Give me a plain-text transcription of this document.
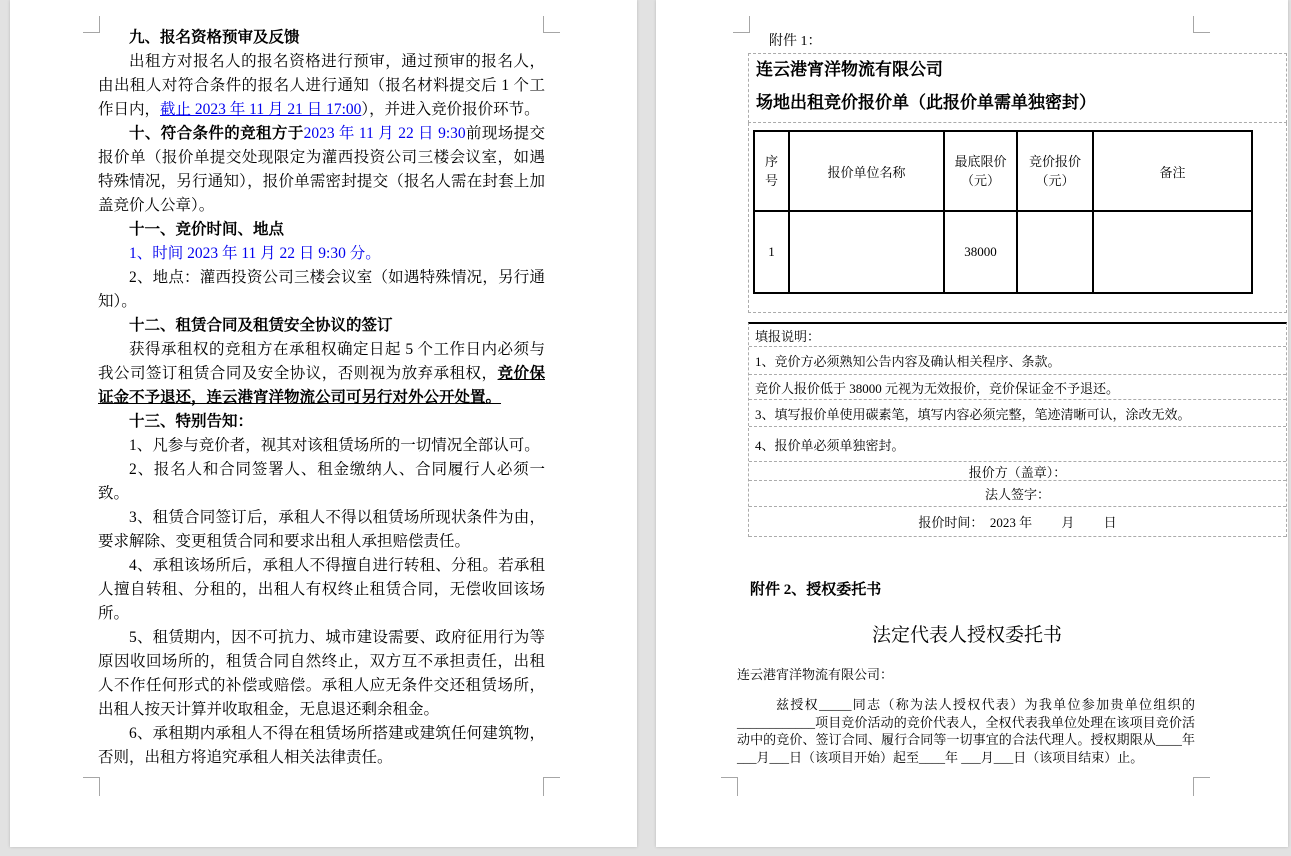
九、报名资格预审及反馈

出租方对报名人的报名资格进行预审，通过预审的报名人，由出租人对符合条件的报名人进行通知（报名材料提交后 1 个工作日内，截止 2023 年 11 月 21 日 17:00），并进入竞价报价环节。

十、符合条件的竞租方于2023 年 11 月 22 日 9:30前现场提交报价单（报价单提交处现限定为灌西投资公司三楼会议室，如遇特殊情况，另行通知），报价单需密封提交（报名人需在封套上加盖竞价人公章）。

十一、竞价时间、地点

1、时间 2023 年 11 月 22 日 9:30 分。

2、地点：灌西投资公司三楼会议室（如遇特殊情况，另行通知）。

十二、租赁合同及租赁安全协议的签订

获得承租权的竞租方在承租权确定日起 5 个工作日内必须与我公司签订租赁合同及安全协议，否则视为放弃承租权，竞价保证金不予退还，连云港宵洋物流公司可另行对外公开处置。

十三、特别告知：

1、凡参与竞价者，视其对该租赁场所的一切情况全部认可。

2、报名人和合同签署人、租金缴纳人、合同履行人必须一致。

3、租赁合同签订后，承租人不得以租赁场所现状条件为由，要求解除、变更租赁合同和要求出租人承担赔偿责任。

4、承租该场所后，承租人不得擅自进行转租、分租。若承租人擅自转租、分租的，出租人有权终止租赁合同，无偿收回该场所。

5、租赁期内，因不可抗力、城市建设需要、政府征用行为等原因收回场所的，租赁合同自然终止，双方互不承担责任，出租人不作任何形式的补偿或赔偿。承租人应无条件交还租赁场所，出租人按天计算并收取租金，无息退还剩余租金。

6、承租期内承租人不得在租赁场所搭建或建筑任何建筑物，否则，出租方将追究承租人相关法律责任。

附件 1：

连云港宵洋物流有限公司

场地出租竞价报价单（此报价单需单独密封）

序号	报价单位名称	最底限价（元）	竞价报价（元）	备注
1		38000		
填报说明：
1、竞价方必须熟知公告内容及确认相关程序、条款。
竞价人报价低于 38000 元视为无效报价，竞价保证金不予退还。
3、填写报价单使用碳素笔，填写内容必须完整，笔迹清晰可认，涂改无效。
4、报价单必须单独密封。
报价方（盖章）：
法人签字：
报价时间：  2023 年         月         日
附件 2、授权委托书
法定代表人授权委托书
连云港宵洋物流有限公司：

兹授权_____同志（称为法人授权代表）为我单位参加贵单位组织的____________项目竞价活动的竞价代表人，全权代表我单位处理在该项目竞价活动中的竞价、签订合同、履行合同等一切事宜的合法代理人。授权期限从____年___月___日（该项目开始）起至____年 ___月___日（该项目结束）止。
